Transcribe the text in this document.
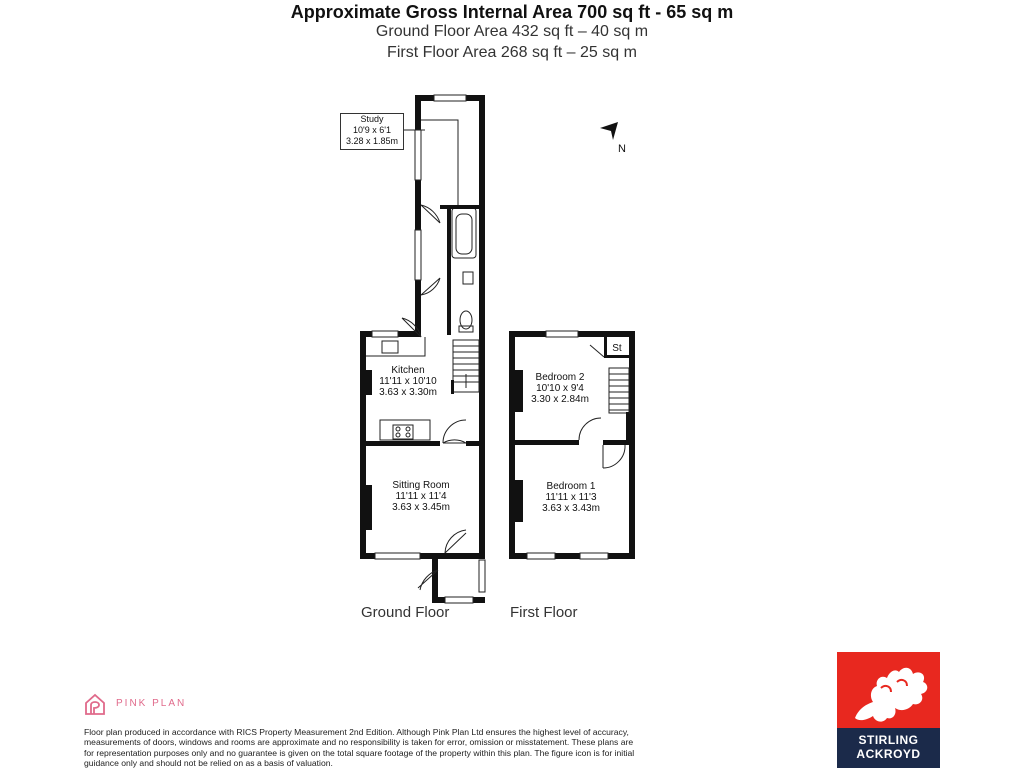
Approximate Gross Internal Area 700 sq ft - 65 sq m
Ground Floor Area 432 sq ft – 40 sq m
First Floor Area 268 sq ft – 25 sq m
Kitchen
11'11 x 10'10
3.63 x 3.30m
Sitting Room
11'11 x 11'4
3.63 x 3.45m
Ground Floor
St
Bedroom 2
10'10 x 9'4
3.30 x 2.84m
Bedroom 1
11'11 x 11'3
3.63 x 3.43m
First Floor
N
Study
10'9 x 6'1
3.28 x 1.85m
PINK PLAN
Floor plan produced in accordance with RICS Property Measurement 2nd Edition. Although Pink Plan Ltd ensures the highest level of accuracy, measurements of doors, windows and rooms are approximate and no responsibility is taken for error, omission or misstatement. These plans are for representation purposes only and no guarantee is given on the total square footage of the property within this plan. The figure icon is for initial guidance only and should not be relied on as a basis of valuation.
STIRLING
ACKROYD
